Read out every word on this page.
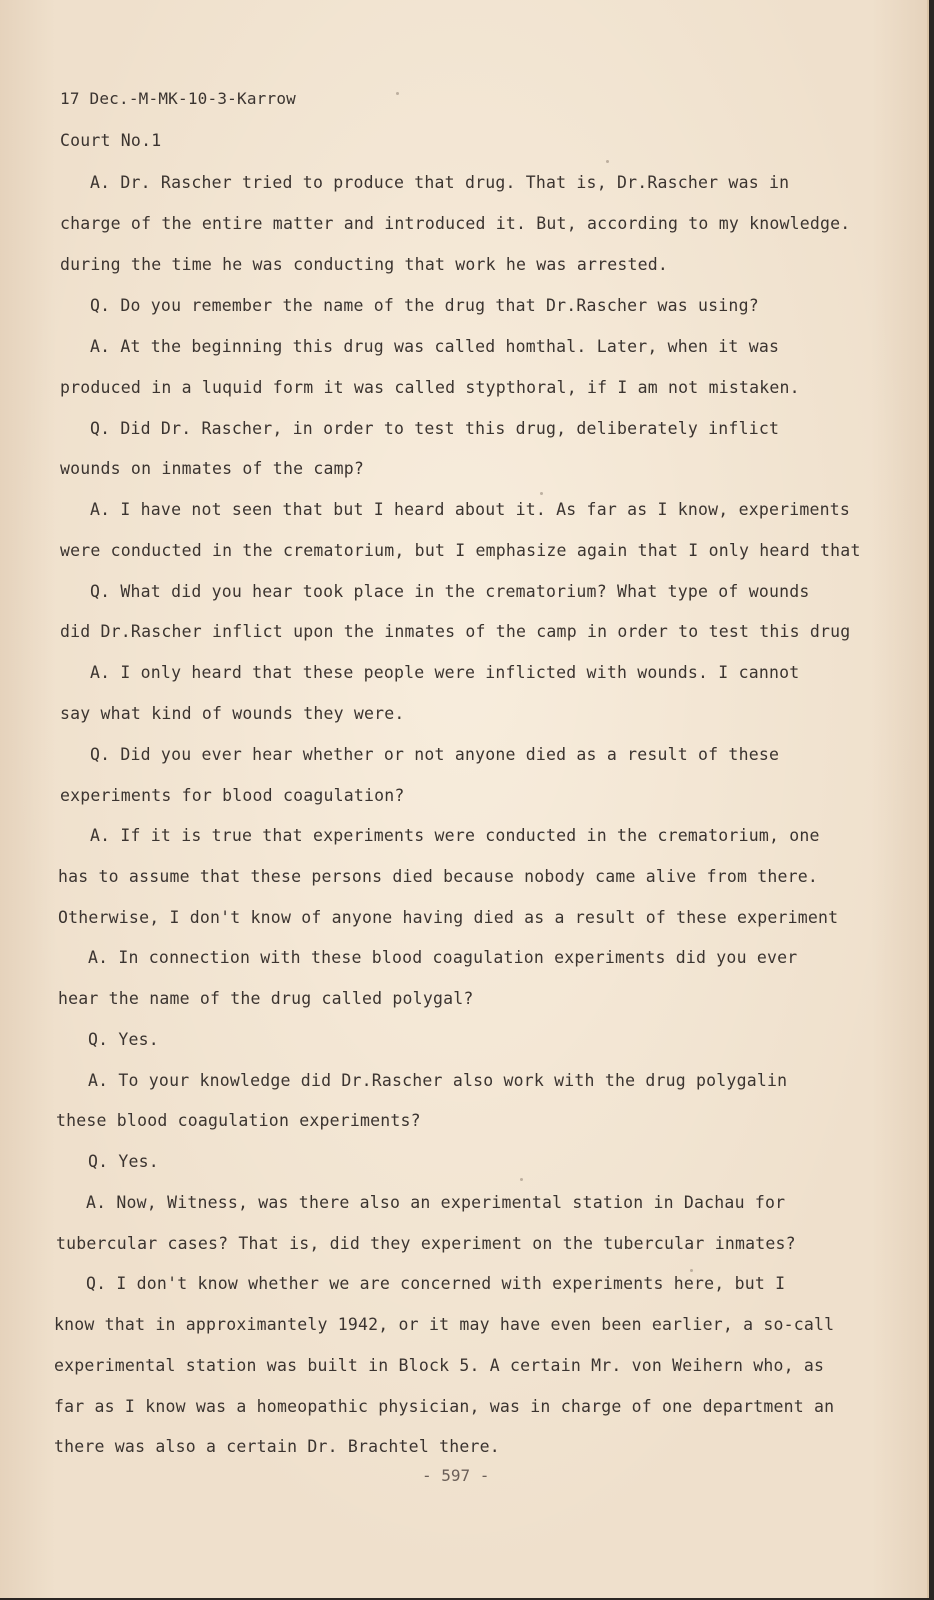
17 Dec.-M-MK-10-3-Karrow
Court No.1
A. Dr. Rascher tried to produce that drug. That is, Dr.Rascher was in
charge of the entire matter and introduced it. But, according to my knowledge.
during the time he was conducting that work he was arrested.
Q. Do you remember the name of the drug that Dr.Rascher was using?
A. At the beginning this drug was called homthal. Later, when it was
produced in a luquid form it was called stypthoral, if I am not mistaken.
Q. Did Dr. Rascher, in order to test this drug, deliberately inflict
wounds on inmates of the camp?
A. I have not seen that but I heard about it. As far as I know, experiments
were conducted in the crematorium, but I emphasize again that I only heard that
Q. What did you hear took place in the crematorium? What type of wounds
did Dr.Rascher inflict upon the inmates of the camp in order to test this drug
A. I only heard that these people were inflicted with wounds. I cannot
say what kind of wounds they were.
Q. Did you ever hear whether or not anyone died as a result of these
experiments for blood coagulation?
A. If it is true that experiments were conducted in the crematorium, one
has to assume that these persons died because nobody came alive from there.
Otherwise, I don't know of anyone having died as a result of these experiment
A. In connection with these blood coagulation experiments did you ever
hear the name of the drug called polygal?
Q. Yes.
A. To your knowledge did Dr.Rascher also work with the drug polygalin
these blood coagulation experiments?
Q. Yes.
A. Now, Witness, was there also an experimental station in Dachau for
tubercular cases? That is, did they experiment on the tubercular inmates?
Q. I don't know whether we are concerned with experiments here, but I
know that in approximantely 1942, or it may have even been earlier, a so-call
experimental station was built in Block 5. A certain Mr. von Weihern who, as
far as I know was a homeopathic physician, was in charge of one department an
there was also a certain Dr. Brachtel there.
- 597 -
